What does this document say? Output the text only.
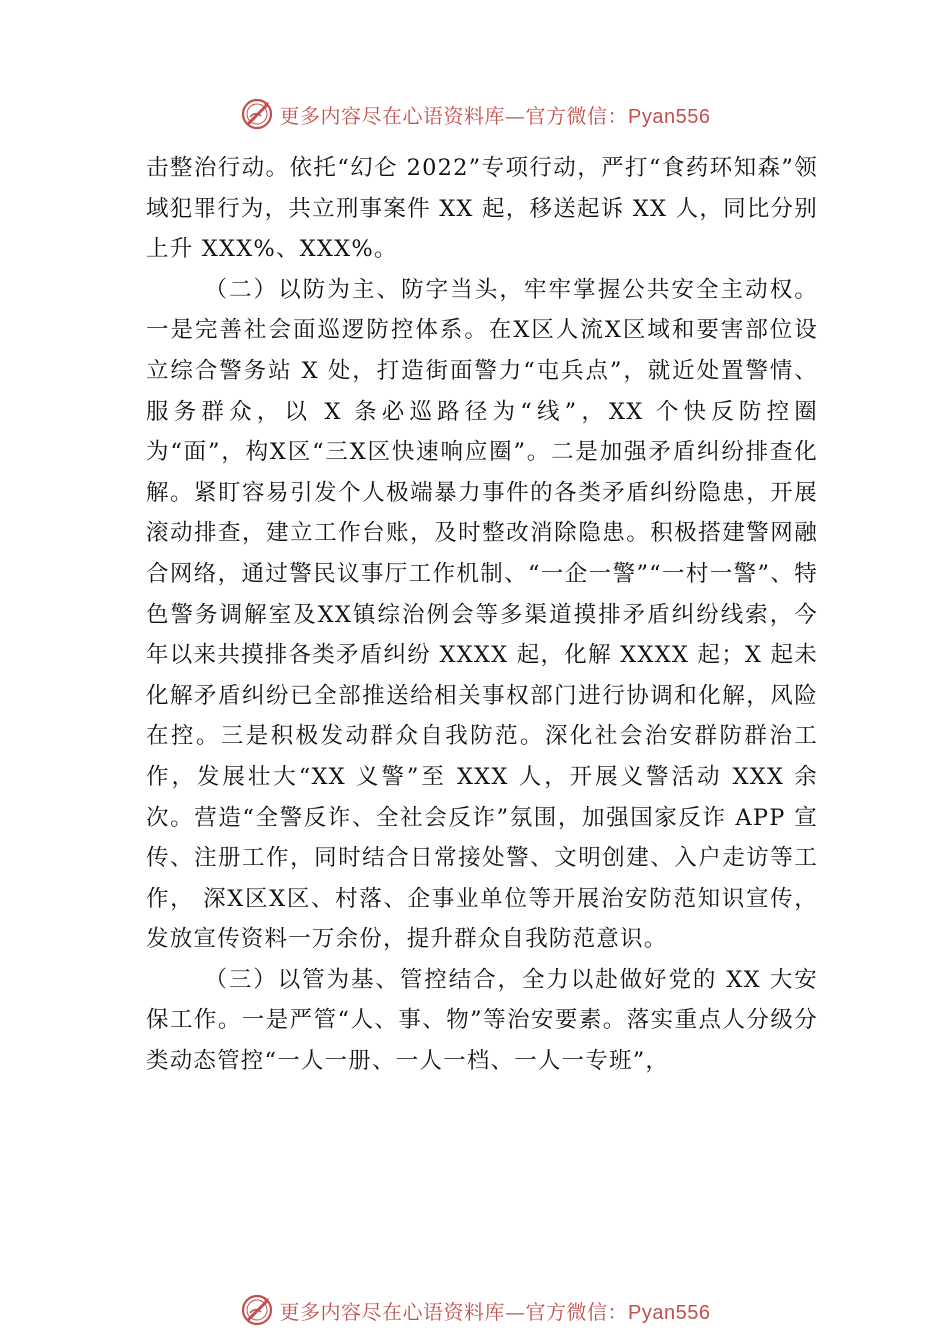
更多内容尽在心语资料库—官方微信：Pyan556

击整治行动。依托“幻仑 2022”专项行动，严打“食药环知森”领域犯罪行为，共立刑事案件 XX 起，移送起诉 XX 人，同比分别上升 XXX%、XXX%。

（二）以防为主、防字当头，牢牢掌握公共安全主动权。一是完善社会面巡逻防控体系。在X区人流X区域和要害部位设立综合警务站 X 处，打造街面警力“屯兵点”，就近处置警情、服务群众，以 X 条必巡路径为“线”，XX 个快反防控圈为“面”，构X区“三X区快速响应圈”。二是加强矛盾纠纷排查化解。紧盯容易引发个人极端暴力事件的各类矛盾纠纷隐患，开展滚动排查，建立工作台账，及时整改消除隐患。积极搭建警网融合网络，通过警民议事厅工作机制、“一企一警”“一村一警”、特色警务调解室及XX镇综治例会等多渠道摸排矛盾纠纷线索，今年以来共摸排各类矛盾纠纷 XXXX 起，化解 XXXX 起；X 起未化解矛盾纠纷已全部推送给相关事权部门进行协调和化解，风险在控。三是积极发动群众自我防范。深化社会治安群防群治工作，发展壮大“XX 义警”至 XXX 人，开展义警活动 XXX 余次。营造“全警反诈、全社会反诈”氛围，加强国家反诈 APP 宣传、注册工作，同时结合日常接处警、文明创建、入户走访等工作， 深X区X区、村落、企事业单位等开展治安防范知识宣传， 发放宣传资料一万余份，提升群众自我防范意识。

（三）以管为基、管控结合，全力以赴做好党的 XX 大安保工作。一是严管“人、事、物”等治安要素。落实重点人分级分类动态管控“一人一册、一人一档、一人一专班”，

更多内容尽在心语资料库—官方微信：Pyan556
